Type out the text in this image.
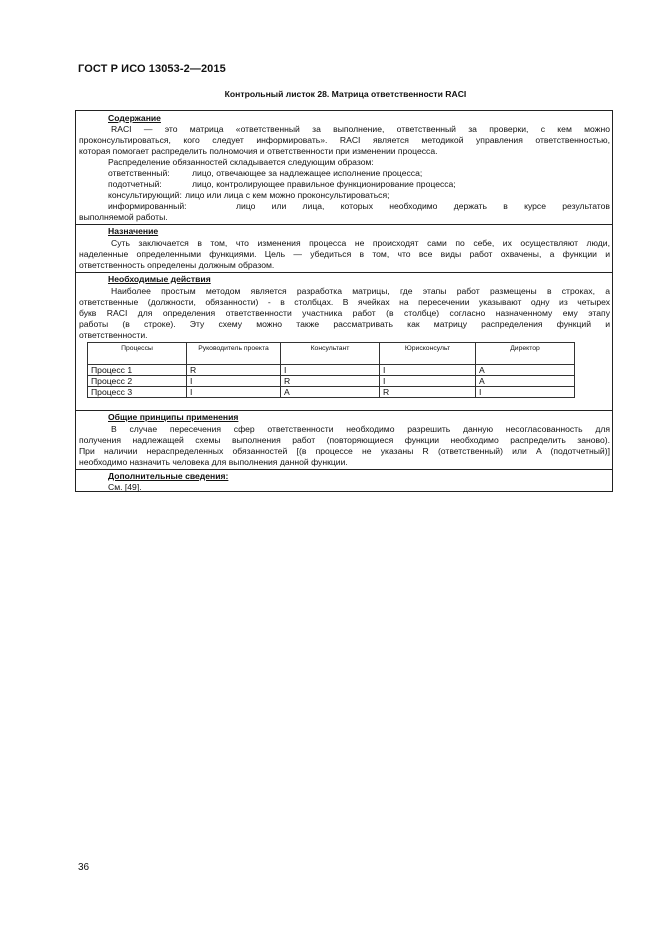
ГОСТ Р ИСО 13053-2—2015
Контрольный листок 28. Матрица ответственности RACI
Содержание
RACI — это матрица «ответственный за выполнение, ответственный за проверки, с кем можно
проконсультироваться, кого следует информировать». RACI является методикой управления ответственностью,
которая помогает распределить полномочия и ответственности при изменении процесса.
Распределение обязанностей складывается следующим образом:
ответственный:	лицо, отвечающее за надлежащее исполнение процесса;
подотчетный:	лицо, контролирующее правильное функционирование процесса;
консультирующий: лицо или лица с кем можно проконсультироваться;
информированный:	лицо или лица, которых необходимо держать в курсе результатов
выполняемой работы.
Назначение
Суть заключается в том, что изменения процесса не происходят сами по себе, их осуществляют люди,
наделенные определенными функциями. Цель — убедиться в том, что все виды работ охвачены, а функции и
ответственность определены должным образом.
Необходимые действия
Наиболее простым методом является разработка матрицы, где этапы работ размещены в строках, а
ответственные (должности, обязанности) - в столбцах. В ячейках на пересечении указывают одну из четырех
букв RACI для определения ответственности участника работ (в столбце) согласно назначенному ему этапу
работы (в строке). Эту схему можно также рассматривать как матрицу распределения функций и
ответственности.
Процессы	Руководитель проекта	Консультант	Юрисконсульт	Директор
Процесс 1	R	I	I	A
Процесс 2	I	R	I	A
Процесс 3	I	A	R	I
Общие принципы применения
В случае пересечения сфер ответственности необходимо разрешить данную несогласованность для
получения надлежащей схемы выполнения работ (повторяющиеся функции необходимо распределить заново).
При наличии нераспределенных обязанностей [(в процессе не указаны R (ответственный) или A (подотчетный)]
необходимо назначить человека для выполнения данной функции.
Дополнительные сведения:
См. [49].
36
